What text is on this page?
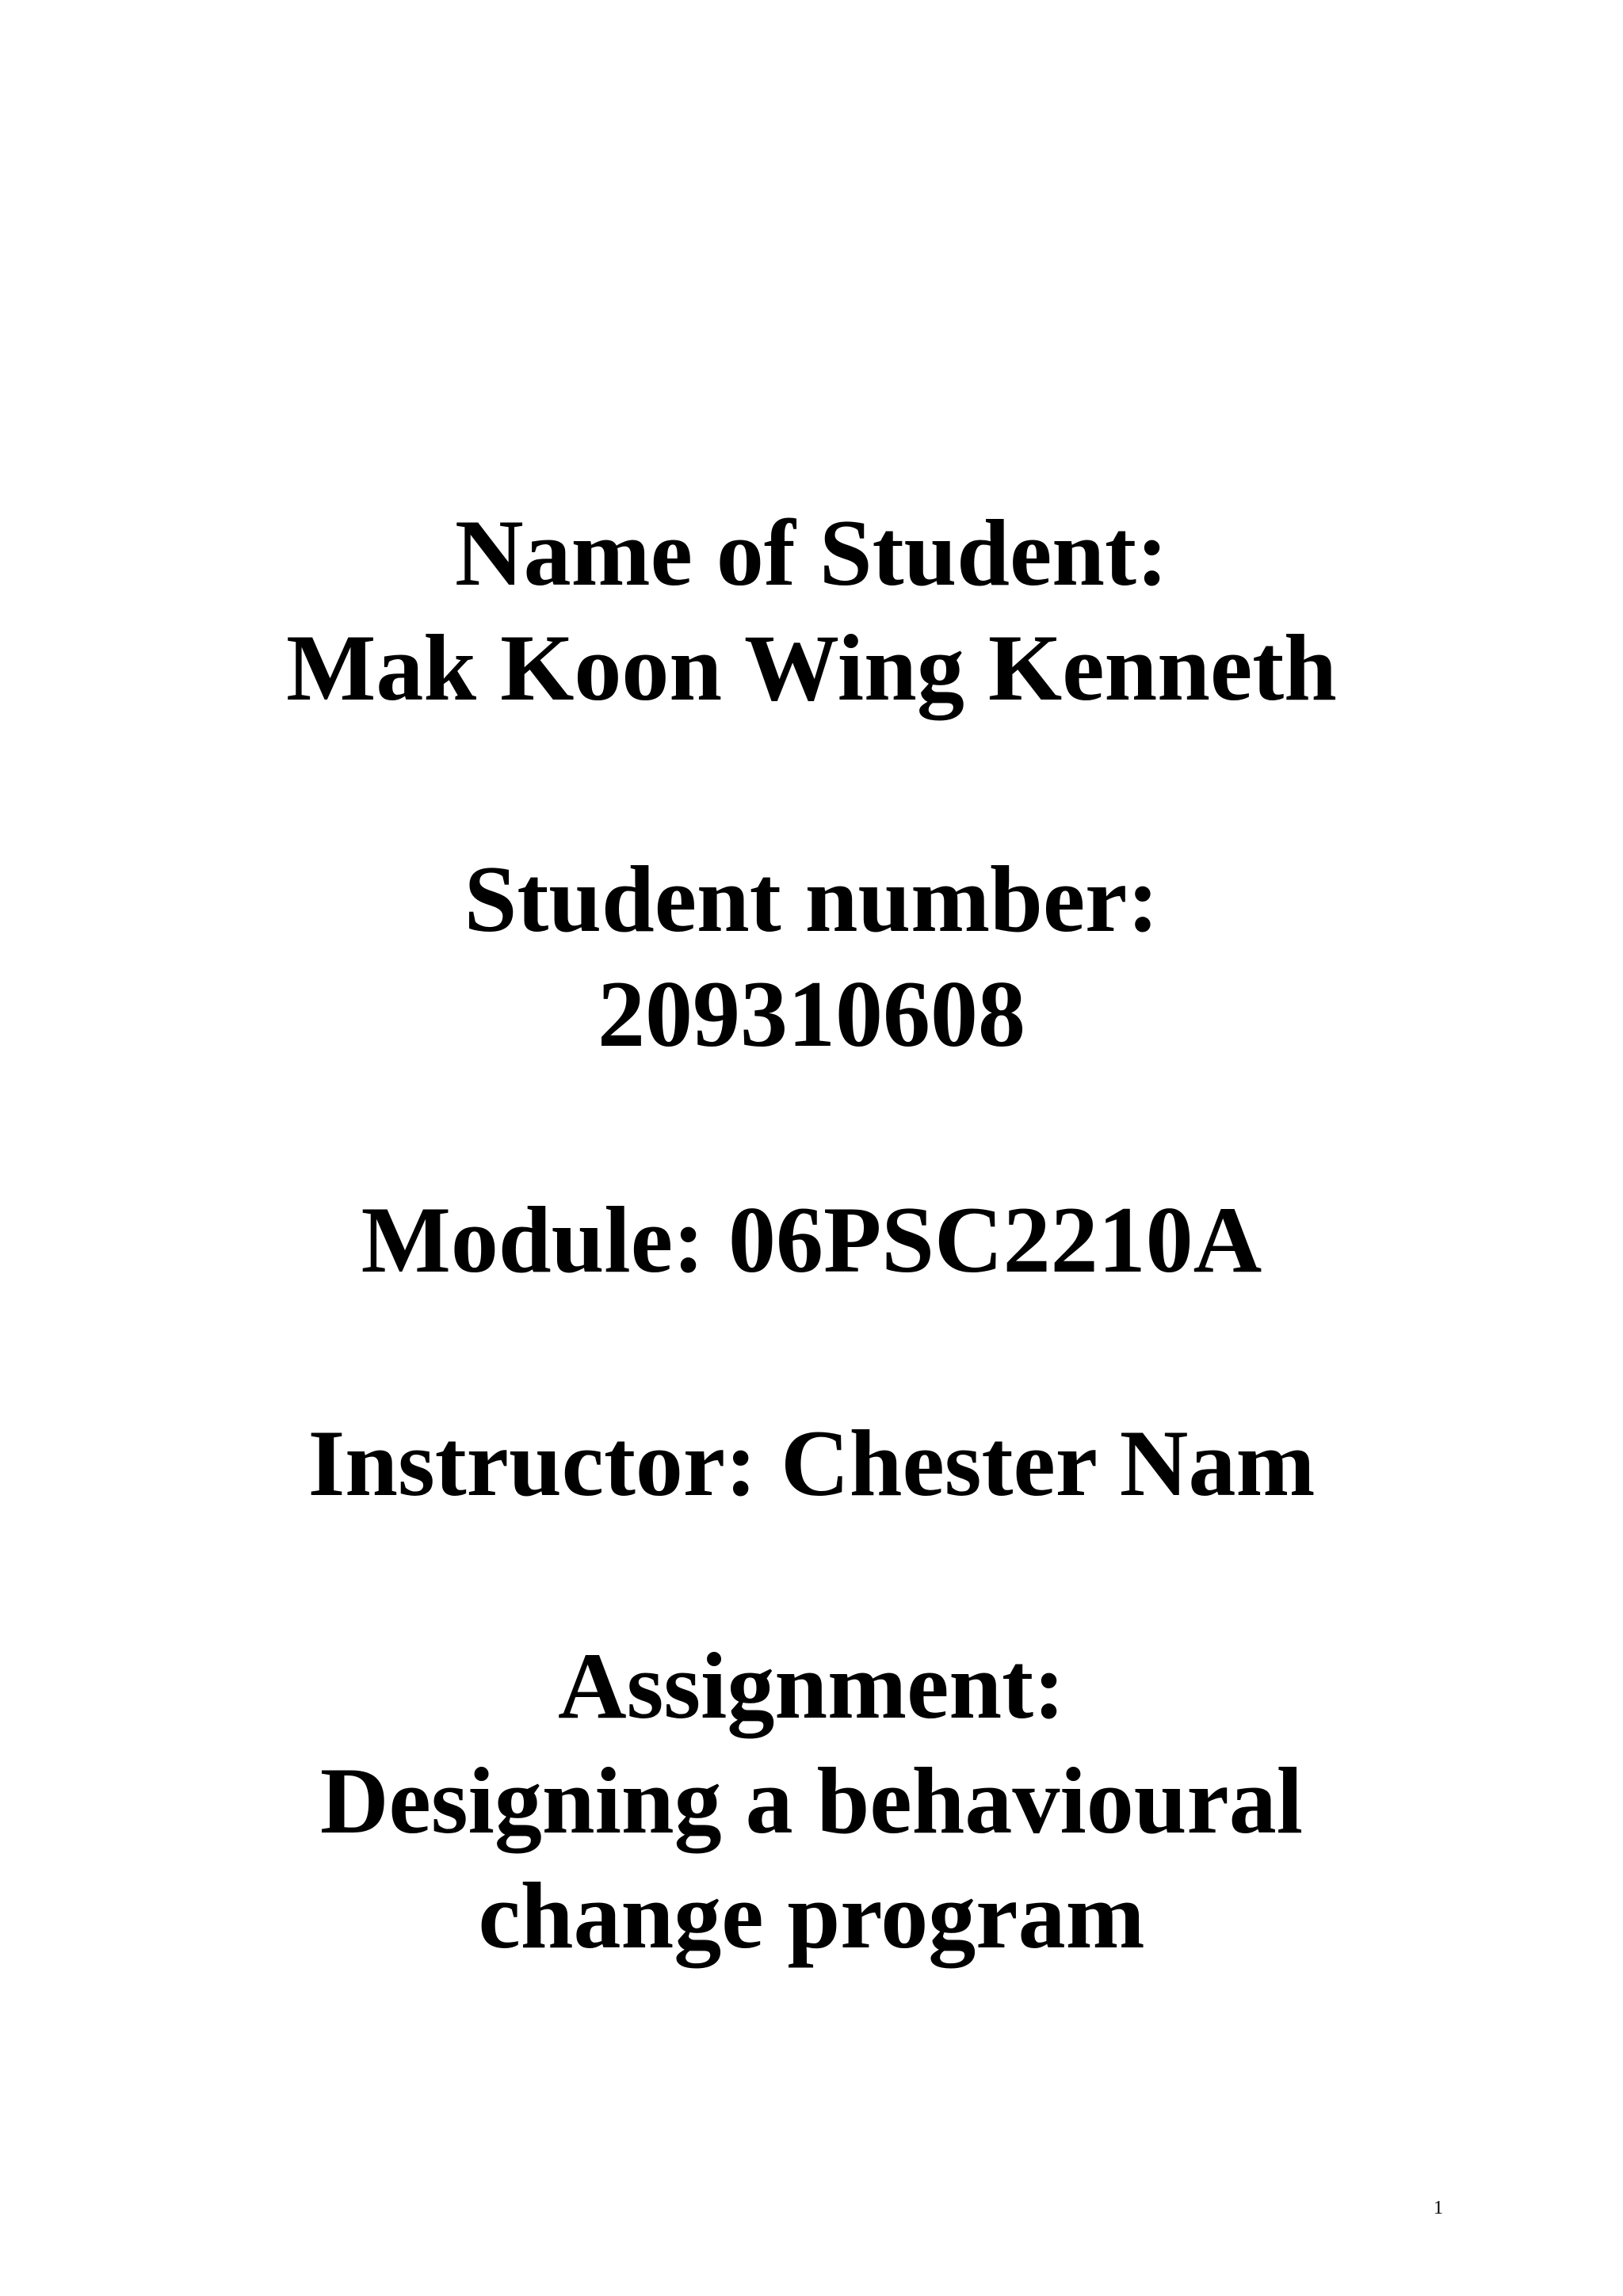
Name of Student:
Mak Koon Wing Kenneth
Student number:
209310608
Module: 06PSC2210A
Instructor: Chester Nam
Assignment:
Designing a behavioural
change program
1
